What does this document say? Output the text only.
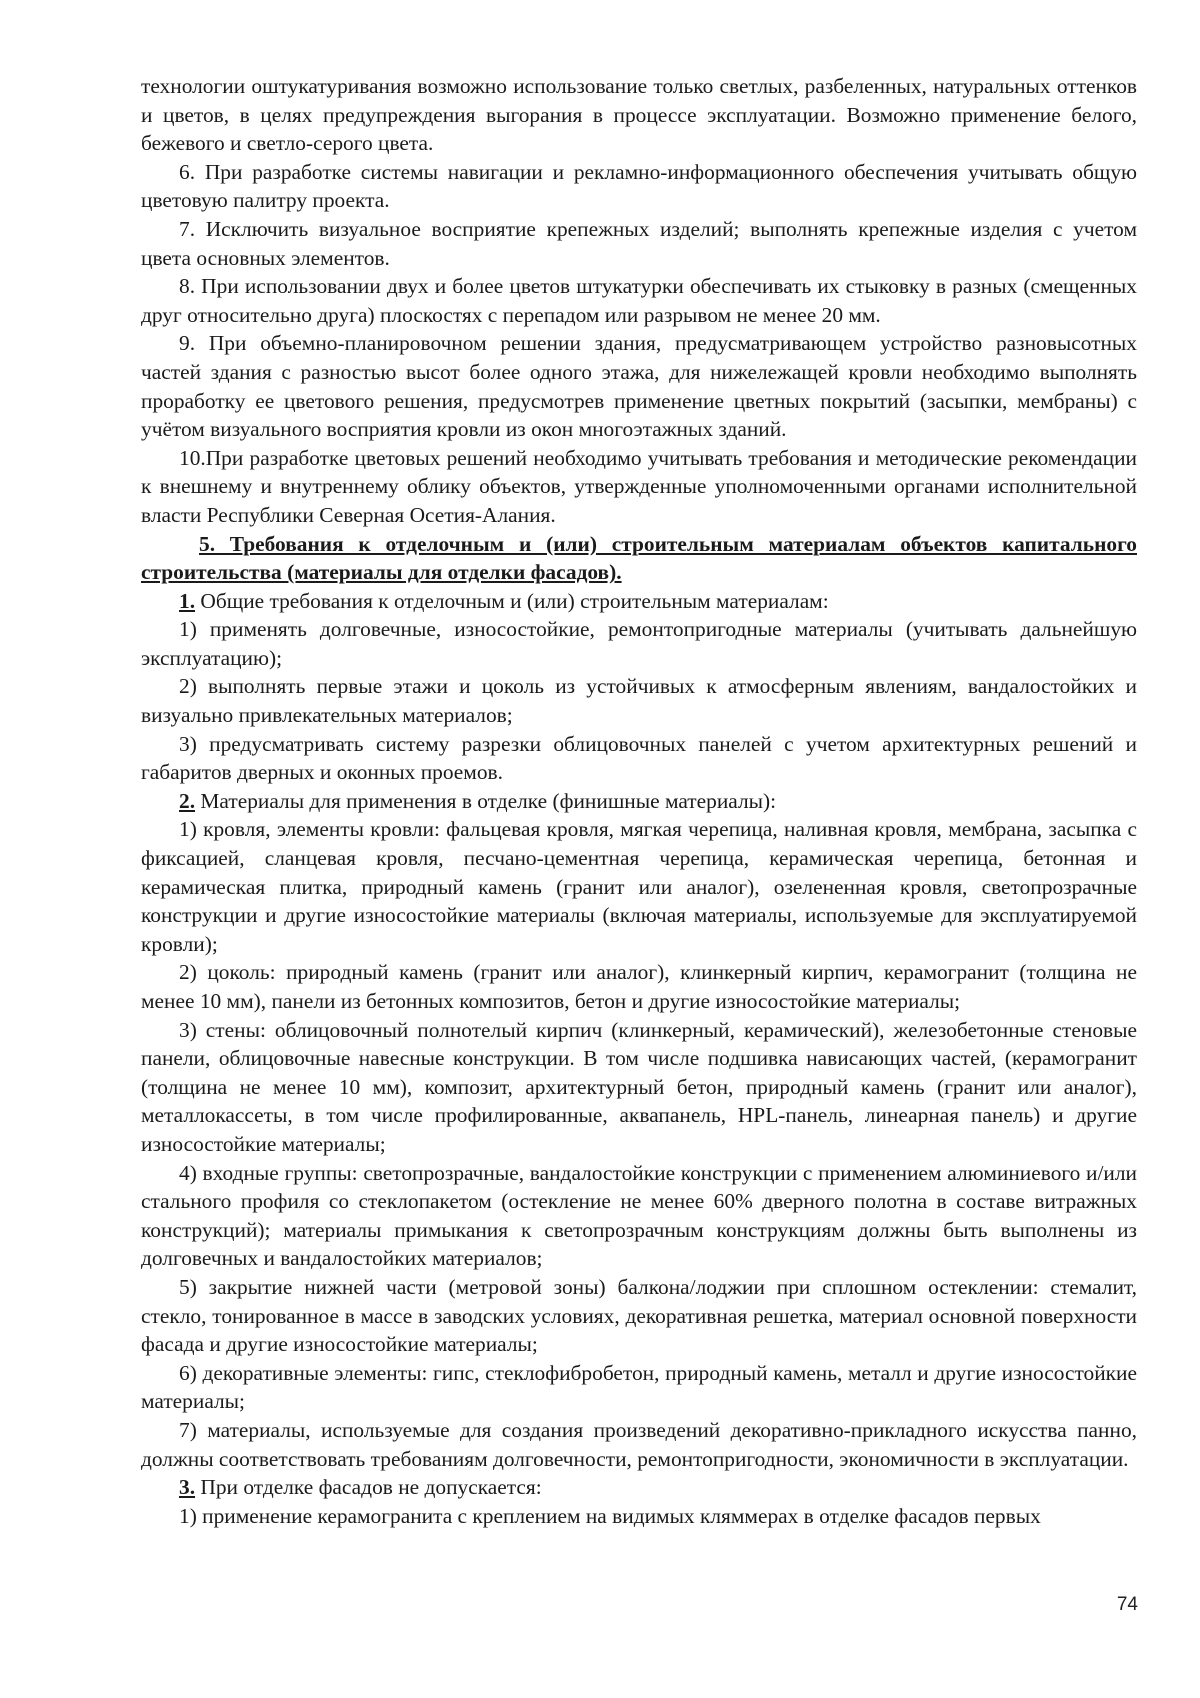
технологии оштукатуривания возможно использование только светлых, разбеленных, натуральных оттенков и цветов, в целях предупреждения выгорания в процессе эксплуатации. Возможно применение белого, бежевого и светло-серого цвета.

6. При разработке системы навигации и рекламно-информационного обеспечения учитывать общую цветовую палитру проекта.

7. Исключить визуальное восприятие крепежных изделий; выполнять крепежные изделия с учетом цвета основных элементов.

8. При использовании двух и более цветов штукатурки обеспечивать их стыковку в разных (смещенных друг относительно друга) плоскостях с перепадом или разрывом не менее 20 мм.

9. При объемно-планировочном решении здания, предусматривающем устройство разновысотных частей здания с разностью высот более одного этажа, для нижележащей кровли необходимо выполнять проработку ее цветового решения, предусмотрев применение цветных покрытий (засыпки, мембраны) с учётом визуального восприятия кровли из окон многоэтажных зданий.

10.При разработке цветовых решений необходимо учитывать требования и методические рекомендации к внешнему и внутреннему облику объектов, утвержденные уполномоченными органами исполнительной власти Республики Северная Осетия-Алания.

5. Требования к отделочным и (или) строительным материалам объектов капитального строительства (материалы для отделки фасадов).

1. Общие требования к отделочным и (или) строительным материалам:

1) применять долговечные, износостойкие, ремонтопригодные материалы (учитывать дальнейшую эксплуатацию);

2) выполнять первые этажи и цоколь из устойчивых к атмосферным явлениям, вандалостойких и визуально привлекательных материалов;

3) предусматривать систему разрезки облицовочных панелей с учетом архитектурных решений и габаритов дверных и оконных проемов.

2. Материалы для применения в отделке (финишные материалы):

1) кровля, элементы кровли: фальцевая кровля, мягкая черепица, наливная кровля, мембрана, засыпка с фиксацией, сланцевая кровля, песчано-цементная черепица, керамическая черепица, бетонная и керамическая плитка, природный камень (гранит или аналог), озелененная кровля, светопрозрачные конструкции и другие износостойкие материалы (включая материалы, используемые для эксплуатируемой кровли);

2) цоколь: природный камень (гранит или аналог), клинкерный кирпич, керамогранит (толщина не менее 10 мм), панели из бетонных композитов, бетон и другие износостойкие материалы;

3) стены: облицовочный полнотелый кирпич (клинкерный, керамический), железобетонные стеновые панели, облицовочные навесные конструкции. В том числе подшивка нависающих частей, (керамогранит (толщина не менее 10 мм), композит, архитектурный бетон, природный камень (гранит или аналог), металлокассеты, в том числе профилированные, аквапанель, HPL-панель, линеарная панель) и другие износостойкие материалы;

4) входные группы: светопрозрачные, вандалостойкие конструкции с применением алюминиевого и/или стального профиля со стеклопакетом (остекление не менее 60% дверного полотна в составе витражных конструкций); материалы примыкания к светопрозрачным конструкциям должны быть выполнены из долговечных и вандалостойких материалов;

5) закрытие нижней части (метровой зоны) балкона/лоджии при сплошном остеклении: стемалит, стекло, тонированное в массе в заводских условиях, декоративная решетка, материал основной поверхности фасада и другие износостойкие материалы;

6) декоративные элементы: гипс, стеклофибробетон, природный камень, металл и другие износостойкие материалы;

7) материалы, используемые для создания произведений декоративно-прикладного искусства панно, должны соответствовать требованиям долговечности, ремонтопригодности, экономичности в эксплуатации.

3. При отделке фасадов не допускается:

1) применение керамогранита с креплением на видимых кляммерах в отделке фасадов первых

74
